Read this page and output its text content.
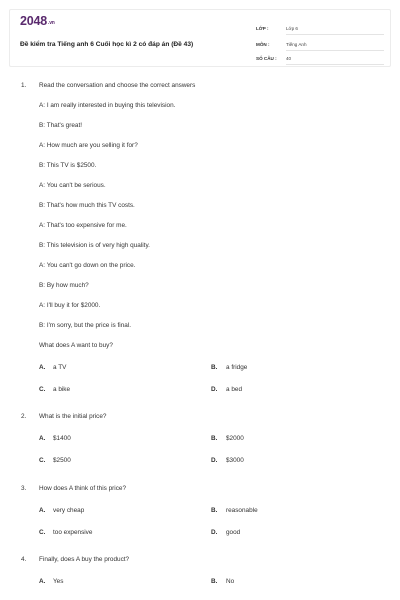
2048.vn
Đề kiểm tra Tiếng anh 6 Cuối học kì 2 có đáp án (Đề 43)
LỚP :	Lớp 6
MÔN :	Tiếng Anh
SỐ CÂU : 40
1. Read the conversation and choose the correct answers
A: I am really interested in buying this television.
B: That's great!
A: How much are you selling it for?
B: This TV is $2500.
A: You can't be serious.
B: That's how much this TV costs.
A: That's too expensive for me.
B: This television is of very high quality.
A: You can't go down on the price.
B: By how much?
A: I'll buy it for $2000.
B: I'm sorry, but the price is final.
What does A want to buy?
A. a TV	B. a fridge
C. a bike	D. a bed
2. What is the initial price?
A. $1400	B. $2000
C. $2500	D. $3000
3. How does A think of this price?
A. very cheap	B. reasonable
C. too expensive	D. good
4. Finally, does A buy the product?
A. Yes	B. No
